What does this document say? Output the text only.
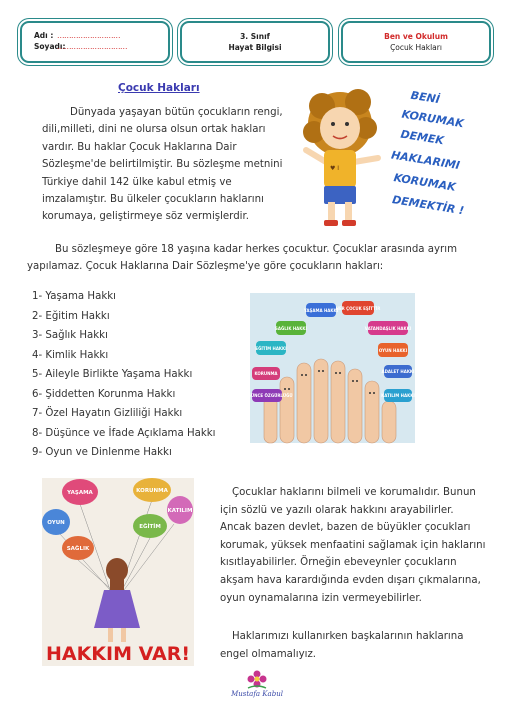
Adı : ………………………
Soyadı:…………………………
3. Sınıf
Hayat Bilgisi
Ben ve Okulum
Çocuk Hakları
Çocuk Hakları

Dünyada yaşayan bütün çocukların rengi, dili,milleti, dini ne olursa olsun ortak hakları vardır. Bu haklar Çocuk Haklarına Dair Sözleşme'de belirtilmiştir. Bu sözleşme metnini Türkiye dahil 142 ülke kabul etmiş ve imzalamıştır. Bu ülkeler çocukların haklarını korumaya, geliştirmeye söz vermişlerdir.

♥ I
BENİ
KORUMAK
DEMEK
HAKLARIMI
KORUMAK
DEMEKTİR !

Bu sözleşmeye göre 18 yaşına kadar herkes çocuktur. Çocuklar arasında ayrım yapılamaz. Çocuk Haklarına Dair Sözleşme'ye göre çocukların hakları:

1- Yaşama Hakkı
2- Eğitim Hakkı
3- Sağlık Hakkı
4- Kimlik Hakkı
5- Aileyle Birlikte Yaşama Hakkı
6- Şiddetten Korunma Hakkı
7- Özel Hayatın Gizliliği Hakkı
8- Düşünce ve İfade Açıklama Hakkı
9- Oyun ve Dinlenme Hakkı
YAŞAMA HAKKI
HER ÇOCUK EŞİTTİR
SAĞLIK HAKKI	VATANDAŞLIK HAKKI
EĞİTİM HAKKI	OYUN HAKKI
KORUNMA	ADALET HAKKI
KATILIM HAKKI
DÜŞÜNCE ÖZGÜRLÜĞÜ
YAŞAMA	KORUNMA
OYUN
SAĞLIK
EĞİTİM
KATILIM
HAKKIM VAR!

Çocuklar haklarını bilmeli ve korumalıdır. Bunun için sözlü ve yazılı olarak hakkını arayabilirler. Ancak bazen devlet, bazen de büyükler çocukları korumak, yüksek menfaatini sağlamak için haklarını kısıtlayabilirler. Örneğin ebeveynler çocukların akşam hava karardığında evden dışarı çıkmalarına, oyun oynamalarına izin vermeyebilirler.

Haklarımızı kullanırken başkalarının haklarına engel olmamalıyız.

Mustafa Kabul
